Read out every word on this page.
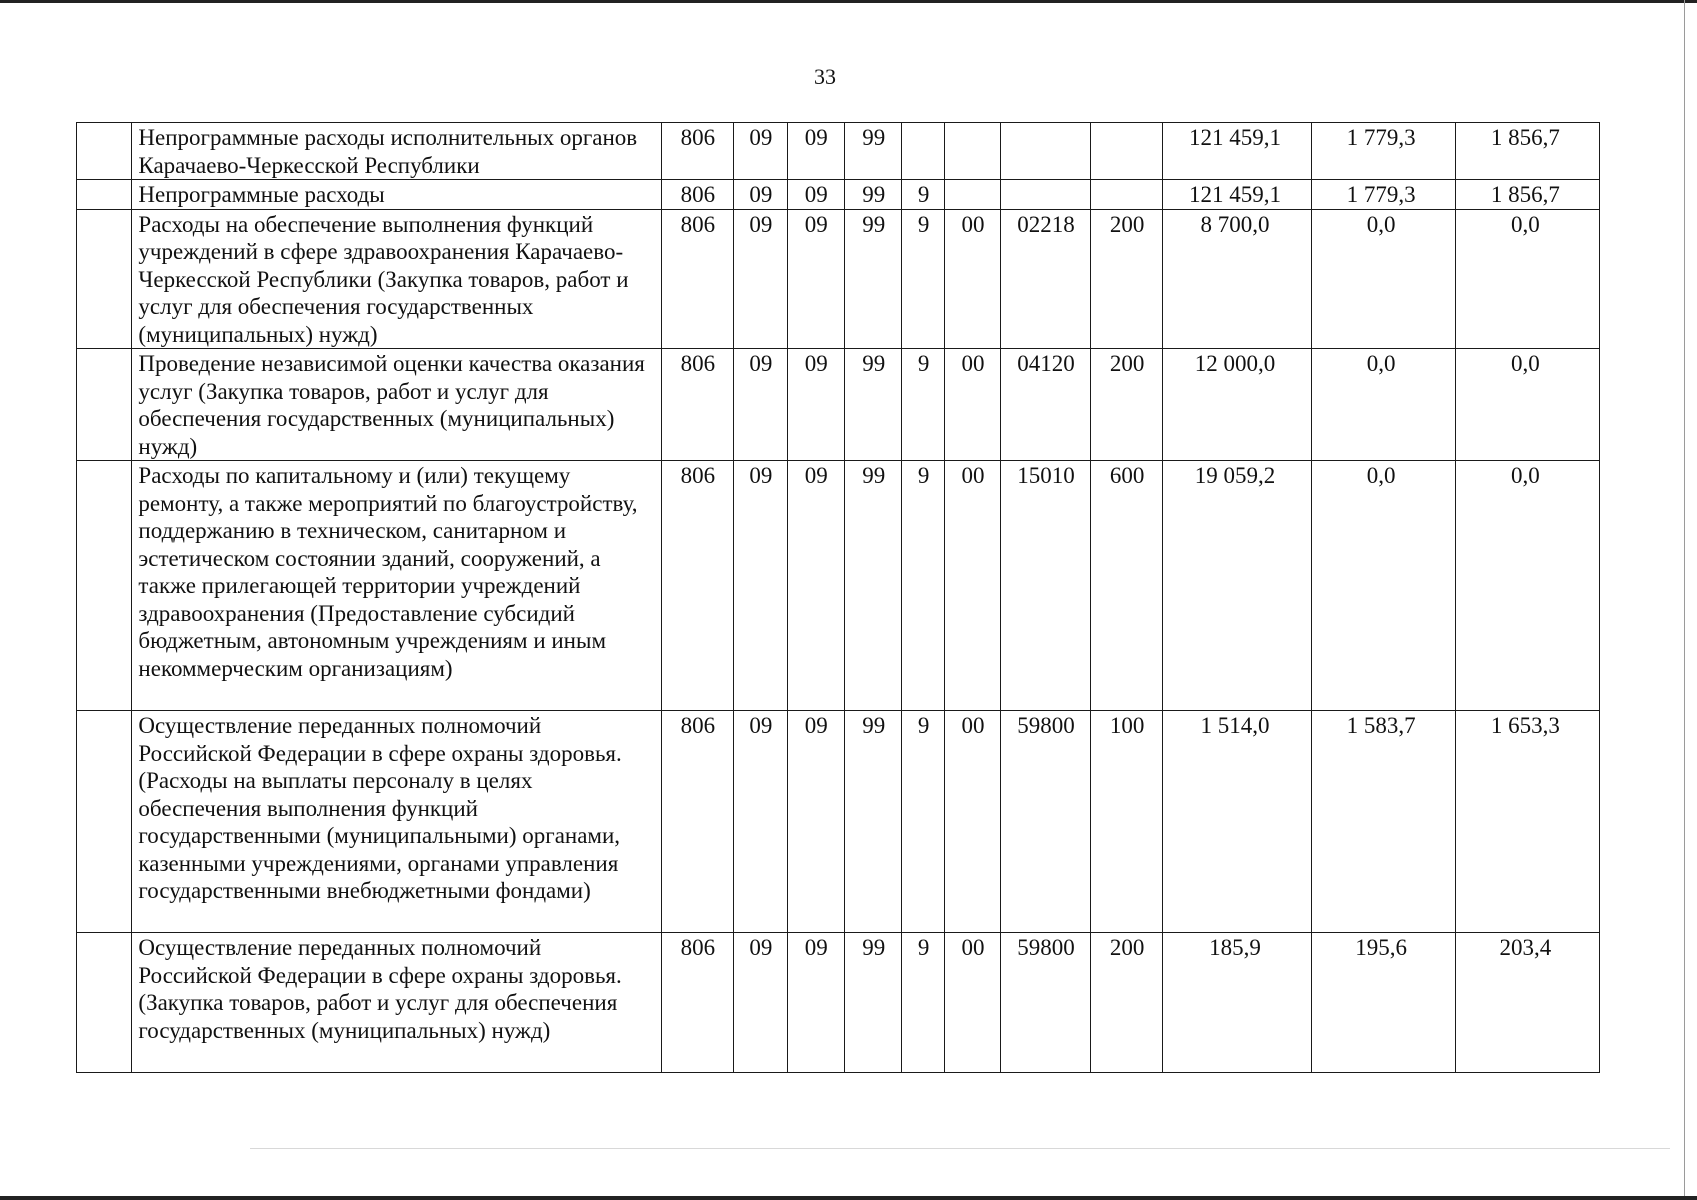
33
	Непрограммные расходы исполнительных органов Карачаево-Черкесской Республики	806	09	09	99					121 459,1	1 779,3	1 856,7
	Непрограммные расходы	806	09	09	99	9				121 459,1	1 779,3	1 856,7
	Расходы на обеспечение выполнения функций учреждений в сфере здравоохранения Карачаево-Черкесской Республики (Закупка товаров, работ и услуг для обеспечения государственных (муниципальных) нужд)	806	09	09	99	9	00	02218	200	8 700,0	0,0	0,0
	Проведение независимой оценки качества оказания услуг (Закупка товаров, работ и услуг для обеспечения государственных (муниципальных) нужд)	806	09	09	99	9	00	04120	200	12 000,0	0,0	0,0
	Расходы по капитальному и (или) текущему ремонту, а также мероприятий по благоустройству, поддержанию в техническом, санитарном и эстетическом состоянии зданий, сооружений, а также прилегающей территории учреждений здравоохранения (Предоставление субсидий бюджетным, автономным учреждениям и иным некоммерческим организациям)	806	09	09	99	9	00	15010	600	19 059,2	0,0	0,0
	Осуществление переданных полномочий Российской Федерации в сфере охраны здоровья. (Расходы на выплаты персоналу в целях обеспечения выполнения функций государственными (муниципальными) органами, казенными учреждениями, органами управления государственными внебюджетными фондами)	806	09	09	99	9	00	59800	100	1 514,0	1 583,7	1 653,3
	Осуществление переданных полномочий Российской Федерации в сфере охраны здоровья. (Закупка товаров, работ и услуг для обеспечения государственных (муниципальных) нужд)	806	09	09	99	9	00	59800	200	185,9	195,6	203,4
